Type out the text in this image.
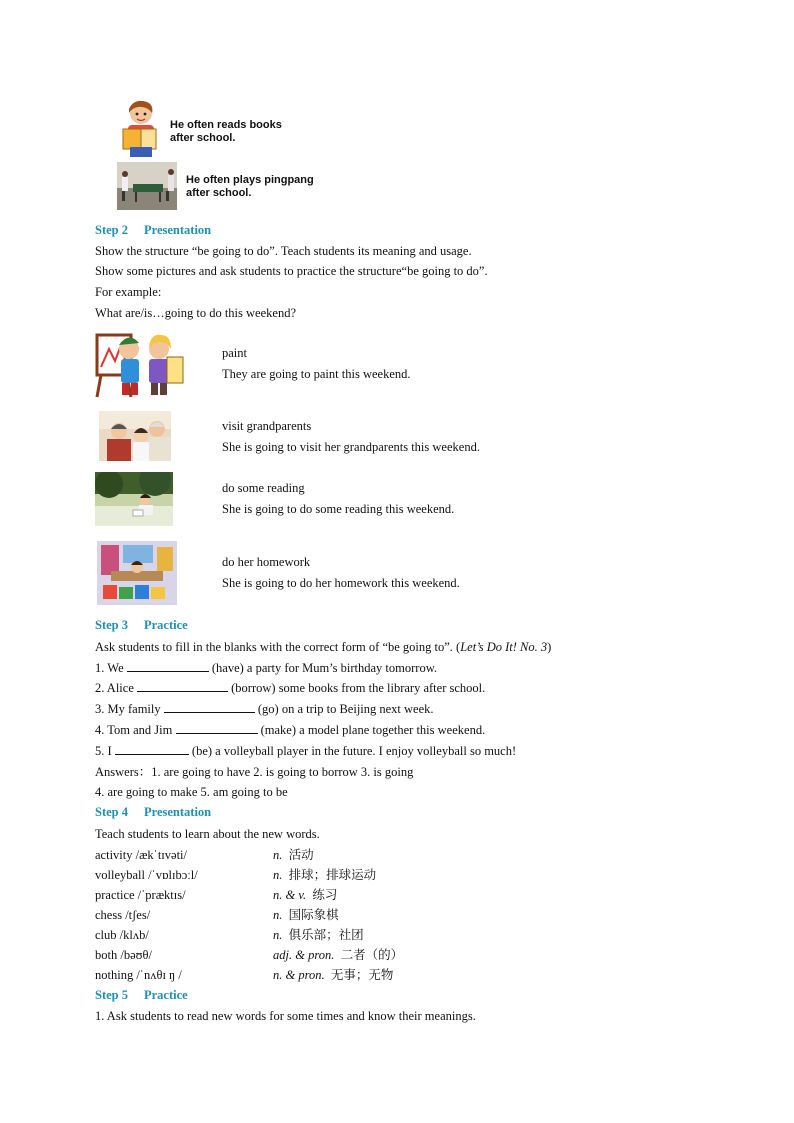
He often reads books
after school.
He often plays pingpang
after school.
Step 2 Presentation
Show the structure “be going to do”. Teach students its meaning and usage.
Show some pictures and ask students to practice the structure“be going to do”.
For example:
What are/is…going to do this weekend?
paint
They are going to paint this weekend.
visit grandparents
She is going to visit her grandparents this weekend.
do some reading
She is going to do some reading this weekend.
do her homework
She is going to do her homework this weekend.
Step 3 Practice
Ask students to fill in the blanks with the correct form of “be going to”. (Let’s Do It! No. 3)
1. We	(have) a party for Mum’s birthday tomorrow.
2. Alice	(borrow) some books from the library after school.
3. My family	(go) on a trip to Beijing next week.
4. Tom and Jim	(make) a model plane together this weekend.
5. I	(be) a volleyball player in the future. I enjoy volleyball so much!
Answers：1. are going to have 2. is going to borrow 3. is going
4. are going to make 5. am going to be
Step 4 Presentation
Teach students to learn about the new words.
activity /ækˈtɪvəti/	n. 活动
volleyball /ˈvɒlɪbɔːl/	n. 排球；排球运动
practice /ˈpræktɪs/	n. & v. 练习
chess /tʃes/	n. 国际象棋
club /klʌb/	n. 俱乐部；社团
both /bəʊθ/	adj. & pron. 二者（的）
nothing /ˈnʌθɪ ŋ /	n. & pron. 无事；无物
Step 5 Practice
1. Ask students to read new words for some times and know their meanings.
